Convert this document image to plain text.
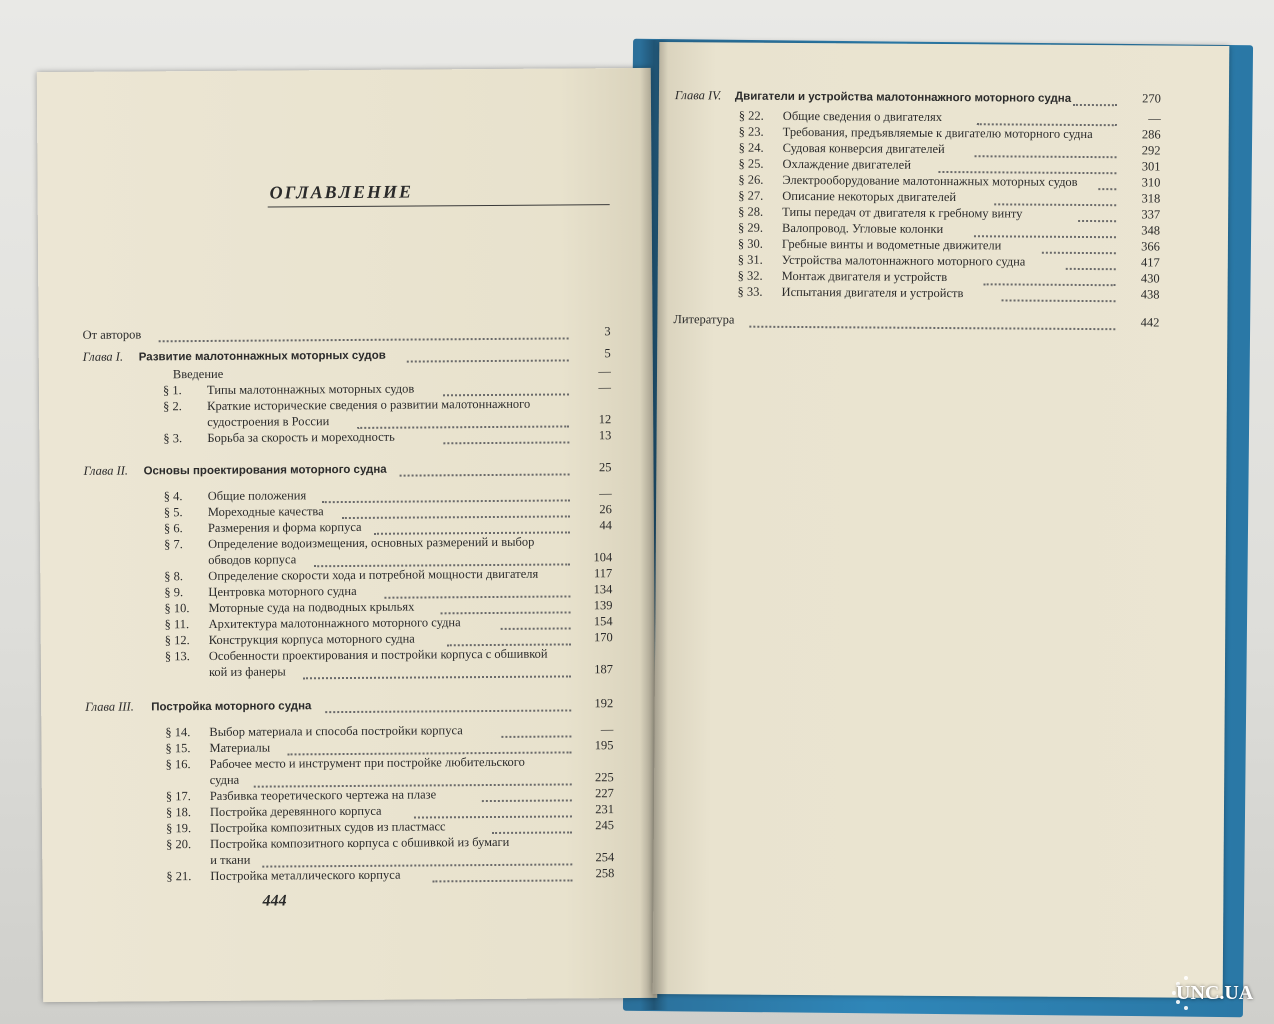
ОГЛАВЛЕНИЕ
444
От авторов	3
Глава I. Развитие малотоннажных моторных судов	5
Введение	—
§ 1. Типы малотоннажных моторных судов	—
§ 2. Краткие исторические сведения о развитии малотоннажного
судостроения в России	12
§ 3. Борьба за скорость и мореходность	13
Глава II. Основы проектирования моторного судна	25
§ 4. Общие положения	—
§ 5. Мореходные качества	26
§ 6. Размерения и форма корпуса	44
§ 7. Определение водоизмещения, основных размерений и выбор
обводов корпуса	104
§ 8. Определение скорости хода и потребной мощности двигателя	117
§ 9. Центровка моторного судна	134
§ 10. Моторные суда на подводных крыльях	139
§ 11. Архитектура малотоннажного моторного судна	154
§ 12. Конструкция корпуса моторного судна	170
§ 13. Особенности проектирования и постройки корпуса с обшивкой
кой из фанеры	187
Глава III. Постройка моторного судна	192
§ 14. Выбор материала и способа постройки корпуса	—
§ 15. Материалы	195
§ 16. Рабочее место и инструмент при постройке любительского
судна	225
§ 17. Разбивка теоретического чертежа на плазе	227
§ 18. Постройка деревянного корпуса	231
§ 19. Постройка композитных судов из пластмасс	245
§ 20. Постройка композитного корпуса с обшивкой из бумаги
и ткани	254
§ 21. Постройка металлического корпуса	258
Глава IV. Двигатели и устройства малотоннажного моторного судна	270
§ 22. Общие сведения о двигателях	—
§ 23. Требования, предъявляемые к двигателю моторного судна	286
§ 24. Судовая конверсия двигателей	292
§ 25. Охлаждение двигателей	301
§ 26. Электрооборудование малотоннажных моторных судов	310
§ 27. Описание некоторых двигателей	318
§ 28. Типы передач от двигателя к гребному винту	337
§ 29. Валопровод. Угловые колонки	348
§ 30. Гребные винты и водометные движители	366
§ 31. Устройства малотоннажного моторного судна	417
§ 32. Монтаж двигателя и устройств	430
§ 33. Испытания двигателя и устройств	438
Литература	442
UNC.UA
